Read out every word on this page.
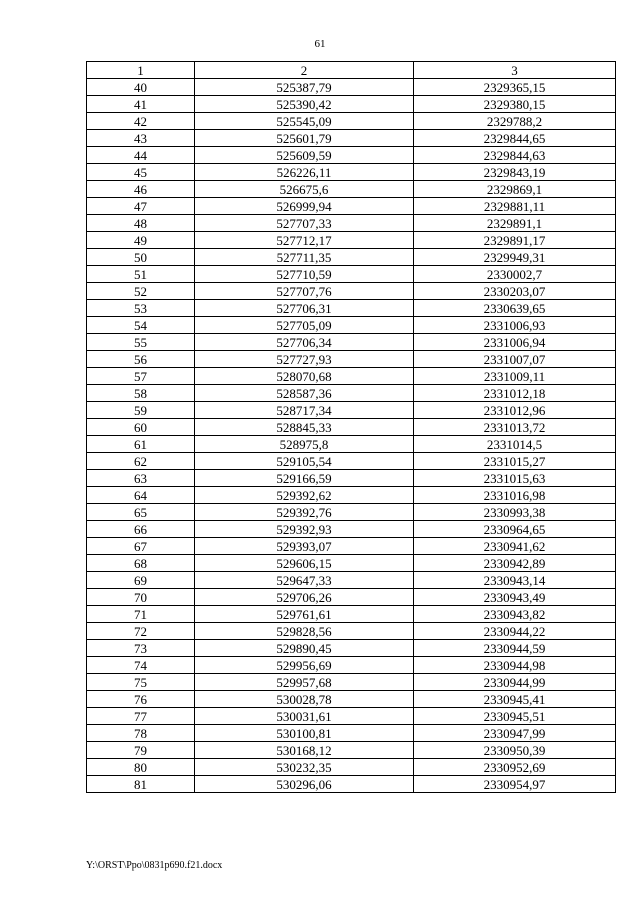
61
1	2	3
40	525387,79	2329365,15
41	525390,42	2329380,15
42	525545,09	2329788,2
43	525601,79	2329844,65
44	525609,59	2329844,63
45	526226,11	2329843,19
46	526675,6	2329869,1
47	526999,94	2329881,11
48	527707,33	2329891,1
49	527712,17	2329891,17
50	527711,35	2329949,31
51	527710,59	2330002,7
52	527707,76	2330203,07
53	527706,31	2330639,65
54	527705,09	2331006,93
55	527706,34	2331006,94
56	527727,93	2331007,07
57	528070,68	2331009,11
58	528587,36	2331012,18
59	528717,34	2331012,96
60	528845,33	2331013,72
61	528975,8	2331014,5
62	529105,54	2331015,27
63	529166,59	2331015,63
64	529392,62	2331016,98
65	529392,76	2330993,38
66	529392,93	2330964,65
67	529393,07	2330941,62
68	529606,15	2330942,89
69	529647,33	2330943,14
70	529706,26	2330943,49
71	529761,61	2330943,82
72	529828,56	2330944,22
73	529890,45	2330944,59
74	529956,69	2330944,98
75	529957,68	2330944,99
76	530028,78	2330945,41
77	530031,61	2330945,51
78	530100,81	2330947,99
79	530168,12	2330950,39
80	530232,35	2330952,69
81	530296,06	2330954,97
Y:\ORST\Ppo\0831p690.f21.docx
